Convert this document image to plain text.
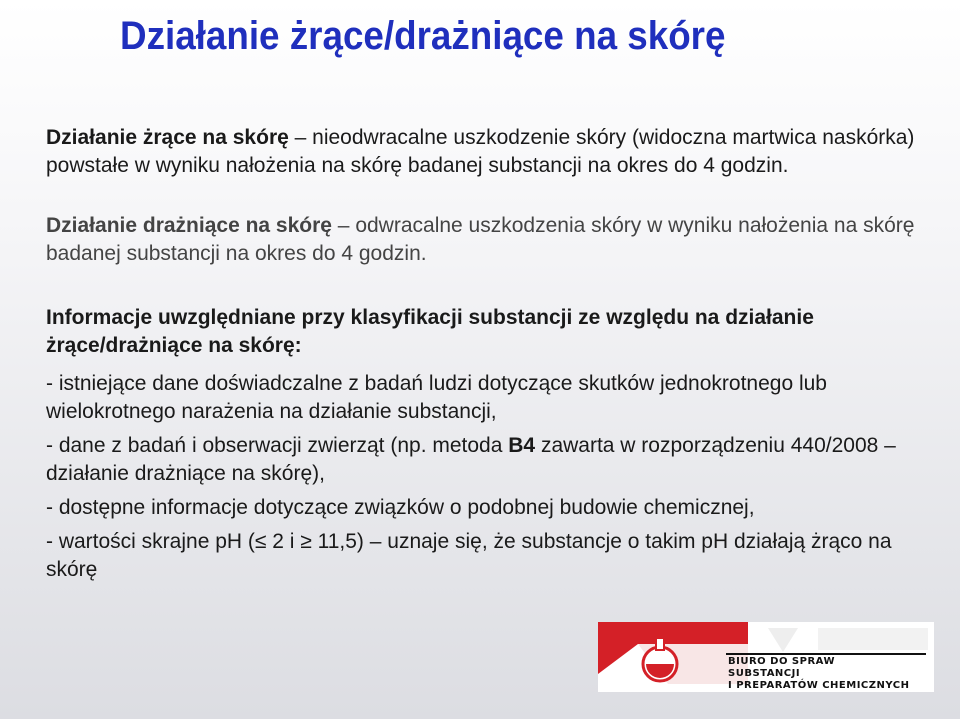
Działanie żrące/drażniące na skórę

Działanie żrące na skórę – nieodwracalne uszkodzenie skóry (widoczna martwica naskórka) powstałe w wyniku nałożenia na skórę badanej substancji na okres do 4 godzin.

Działanie drażniące na skórę – odwracalne uszkodzenia skóry w wyniku nałożenia na skórę badanej substancji na okres do 4 godzin.

Informacje uwzględniane przy klasyfikacji substancji ze względu na działanie żrące/drażniące na skórę:

- istniejące dane doświadczalne z badań ludzi dotyczące skutków jednokrotnego lub wielokrotnego narażenia na działanie substancji,

- dane z badań i obserwacji zwierząt (np. metoda B4 zawarta w rozporządzeniu 440/2008 – działanie drażniące na skórę),

- dostępne informacje dotyczące związków o podobnej budowie chemicznej,

- wartości skrajne pH (≤ 2 i ≥ 11,5) – uznaje się, że substancje o takim pH działają żrąco na skórę

BIURO DO SPRAW
SUBSTANCJI
I PREPARATÓW CHEMICZNYCH
